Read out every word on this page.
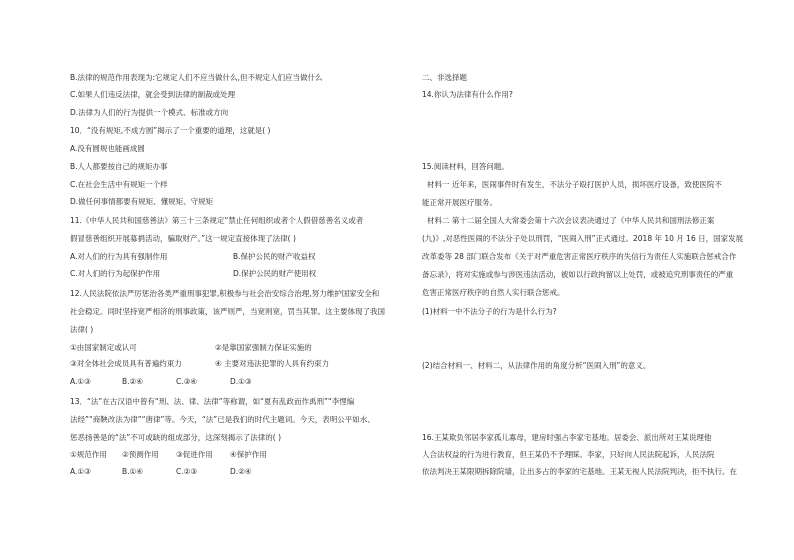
B.法律的规范作用表现为:它规定人们不应当做什么,但不规定人们应当做什么
C.如果人们违反法律，就会受到法律的制裁或处理
D.法律为人们的行为提供一个模式、标准或方向
10．“没有规矩,不成方圆”揭示了一个重要的道理，这就是( )
A.没有圆规也能画成圆
B.人人都要按自己的规矩办事
C.在社会生活中有规矩一个样
D.做任何事情都要有规矩、懂规矩、守规矩
11.《中华人民共和国慈善法》第三十三条规定“禁止任何组织或者个人假借慈善名义或者
假冒慈善组织开展募捐活动，骗取财产。”这一规定直接体现了法律( )
A.对人们的行为具有强制作用	B.保护公民的财产收益权
C.对人们的行为起保护作用	D.保护公民的财产使用权
12.人民法院依法严厉惩治各类严重刑事犯罪,积极参与社会治安综合治理,努力维护国家安全和
社会稳定。同时坚持宽严相济的刑事政策，该严则严，当宽则宽，罚当其罪。这主要体现了我国
法律( )
①由国家制定或认可	②是靠国家强制力保证实施的
③对全体社会成员具有普遍约束力	④ 主要对违法犯罪的人具有约束力
A.①③	B.②④	C.③④	D.①③
13．“法”在古汉语中曾有“刑、法、律、法律”等称谓，如“夏有乱政而作禹刑”“李悝编
法经”“商鞅改法为律”“唐律”等。今天，“法”已是我们的时代主题词。今天，表明公平如水、
惩恶扬善是的“法”不可或缺的组成部分，这深刻揭示了法律的( )
①规范作用 ②预测作用 ③促进作用 ④保护作用
A.①③	B.①④	C.②③	D.②④
二、非选择题
14.你认为法律有什么作用?
15.阅读材料，回答问题。
材料一 近年来，医闹事件时有发生，不法分子殴打医护人员，损坏医疗设备，致使医院不
能正常开展医疗服务。
材料二 第十二届全国人大常委会第十六次会议表决通过了《中华人民共和国刑法修正案
(九)》,对恶性医闹的不法分子处以刑罚，“医闹入刑”正式通过。2018 年 10 月 16 日，国家发展
改革委等 28 部门联合发布《关于对严重危害正常医疗秩序的失信行为责任人实施联合惩戒合作
备忘录》，将对实施或参与涉医违法活动，被如以行政拘留以上处罚，或被追究刑事责任的严重
危害正常医疗秩序的自然人实行联合惩戒。
(1)材料一中不法分子的行为是什么行为?
(2)结合材料一、材料二，从法律作用的角度分析“医闹入刑”的意义。
16.王某欺负邻居李家孤儿寡母，建房时强占李家宅基地。居委会、派出所对王某说理他
人合法权益的行为进行教育，但王某仍不予理睬。李家，只好向人民法院起诉，人民法院
依法判决王某限期拆除院墙，让出多占的李家的宅基地。王某无视人民法院判决，拒不执行。在
